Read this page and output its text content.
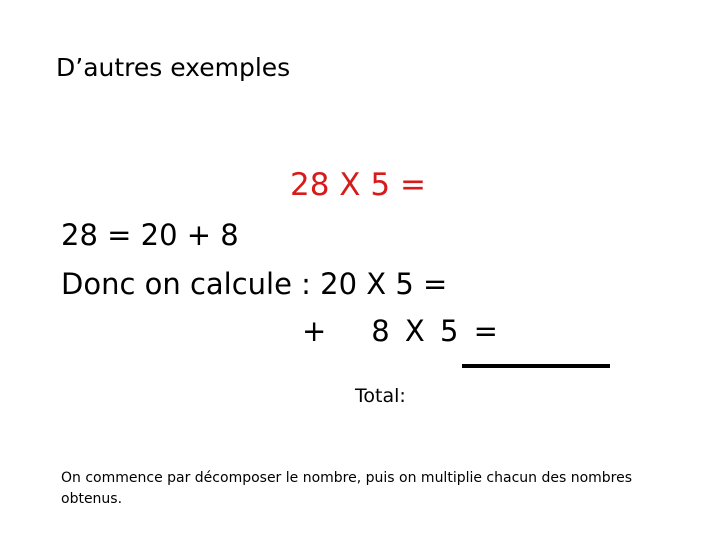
D’autres exemples
28 X 5 =
28 = 20 + 8
Donc on calcule : 20 X 5 =
+ 8 X 5 =
Total:
On commence par décomposer le nombre, puis on multiplie chacun des nombres obtenus.
